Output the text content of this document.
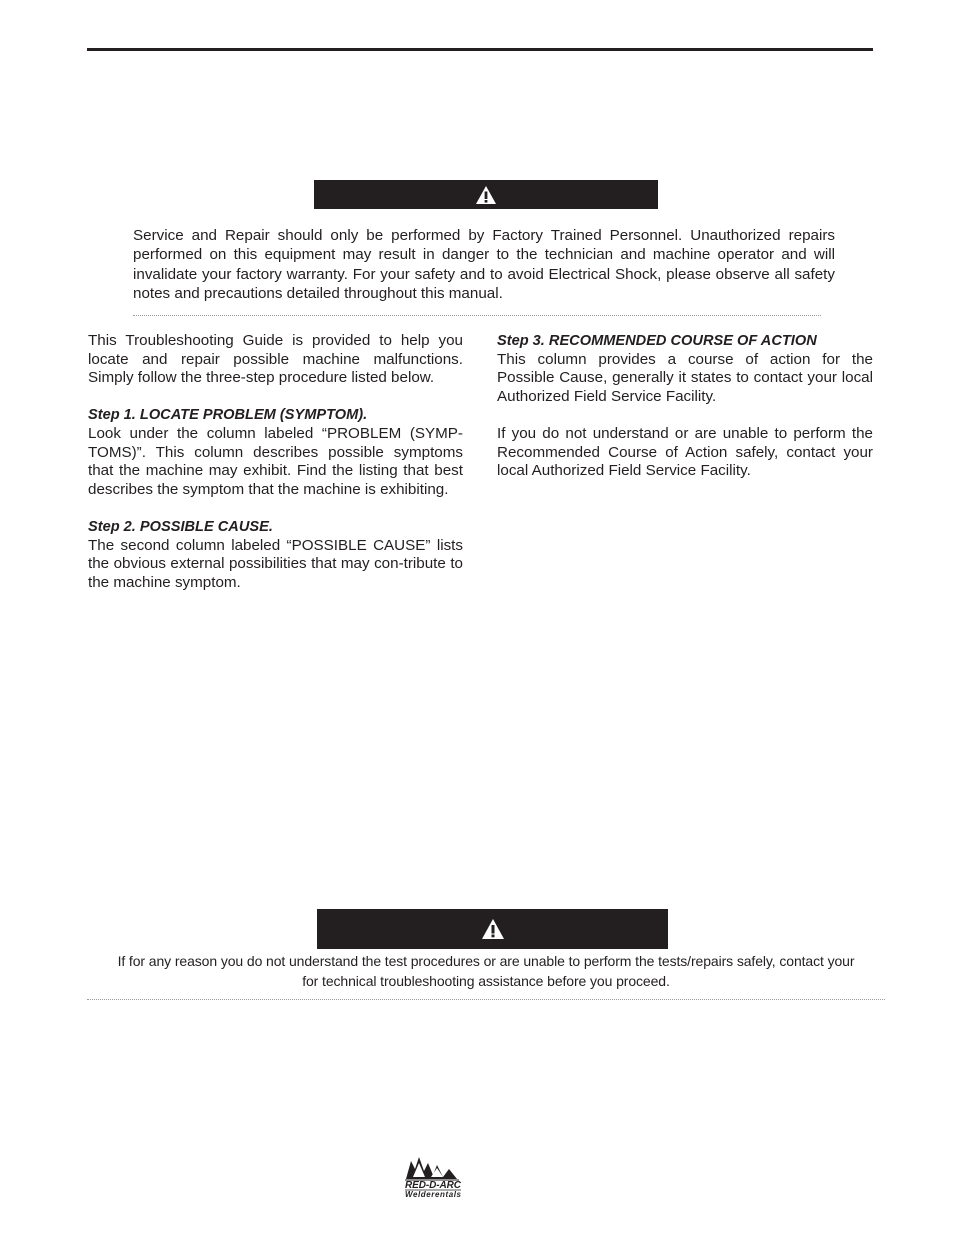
Service and Repair should only be performed by Factory Trained Personnel. Unauthorized repairs performed on this equipment may result in danger to the technician and machine operator and will invalidate your factory warranty. For your safety and to avoid Electrical Shock, please observe all safety notes and precautions detailed throughout this manual.

This Troubleshooting Guide is provided to help you locate and repair possible machine malfunctions. Simply follow the three-step procedure listed below.

Step 1. LOCATE PROBLEM (SYMPTOM).

Look under the column labeled “PROBLEM (SYMP-TOMS)”. This column describes possible symptoms that the machine may exhibit. Find the listing that best describes the symptom that the machine is exhibiting.

Step 2. POSSIBLE CAUSE.

The second column labeled “POSSIBLE CAUSE” lists the obvious external possibilities that may con-tribute to the machine symptom.

Step 3. RECOMMENDED COURSE OF ACTION

This column provides a course of action for the Possible Cause, generally it states to contact your local Authorized Field Service Facility.

If you do not understand or are unable to perform the Recommended Course of Action safely, contact your local Authorized Field Service Facility.

If for any reason you do not understand the test procedures or are unable to perform the tests/repairs safely, contact your
for technical troubleshooting assistance before you proceed.
RED-D-ARC
Welderentals
